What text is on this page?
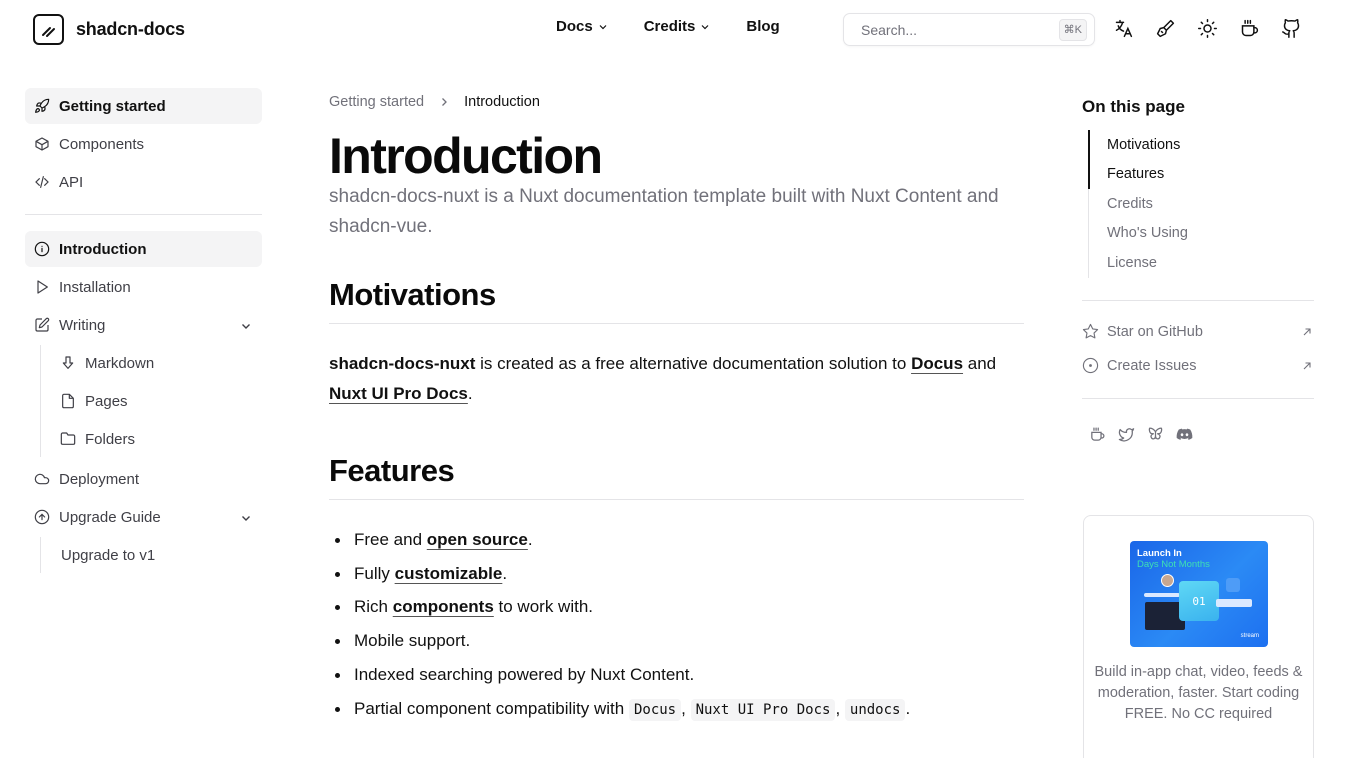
shadcn-docs	Docs	Credits	Blog	Search...	⌘K
Getting started
Components
API
Introduction
Installation
Writing
Markdown
Pages
Folders
Deployment
Upgrade Guide
Upgrade to v1
Getting started	Introduction
Introduction

shadcn-docs-nuxt is a Nuxt documentation template built with Nuxt Content and shadcn-vue.

Motivations

shadcn-docs-nuxt is created as a free alternative documentation solution to Docus and Nuxt UI Pro Docs.

Features
Free and open source.
Fully customizable.
Rich components to work with.
Mobile support.
Indexed searching powered by Nuxt Content.
Partial component compatibility with Docus , Nuxt UI Pro Docs , undocs .
On this page
Motivations
Features
Credits
Who's Using
License
Star on GitHub
Create Issues
Launch In
Days Not Months
01
stream
Build in-app chat, video, feeds & moderation, faster. Start coding FREE. No CC required
